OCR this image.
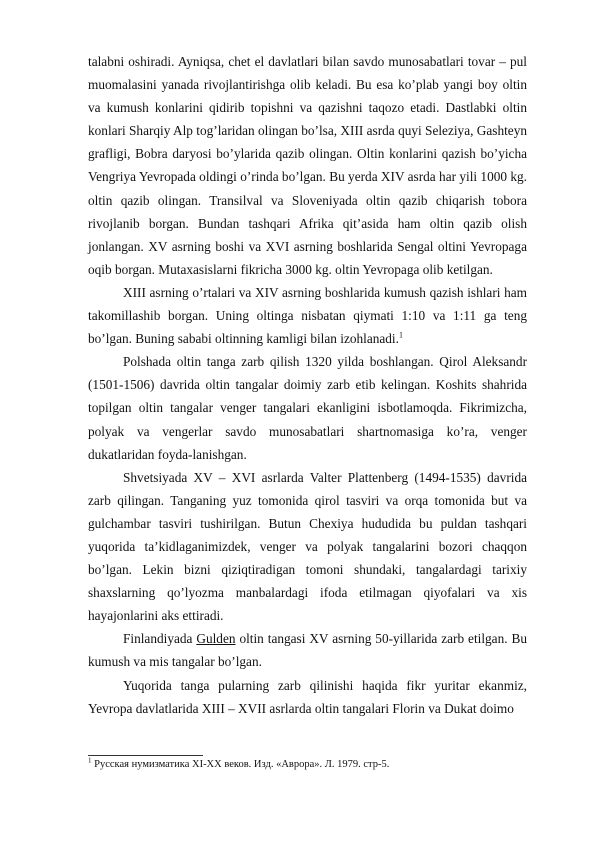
talabni oshiradi. Ayniqsa, chet el davlatlari bilan savdo munosabatlari tovar – pul muomalasini yanada rivojlantirishga olib keladi. Bu esa ko’plab yangi boy oltin va kumush konlarini qidirib topishni va qazishni taqozo etadi. Dastlabki oltin konlari Sharqiy Alp tog’laridan olingan bo’lsa, XIII asrda quyi Seleziya, Gashteyn grafligi, Bobra daryosi bo’ylarida qazib olingan. Oltin konlarini qazish bo’yicha Vengriya Yevropada oldingi o’rinda bo’lgan. Bu yerda XIV asrda har yili 1000 kg. oltin qazib olingan. Transilval va Sloveniyada oltin qazib chiqarish tobora rivojlanib borgan. Bundan tashqari Afrika qit’asida ham oltin qazib olish jonlangan. XV asrning boshi va XVI asrning boshlarida Sengal oltini Yevropaga oqib borgan. Mutaxasislarni fikricha 3000 kg. oltin Yevropaga olib ketilgan.

XIII asrning o’rtalari va XIV asrning boshlarida kumush qazish ishlari ham takomillashib borgan. Uning oltinga nisbatan qiymati 1:10 va 1:11 ga teng bo’lgan. Buning sababi oltinning kamligi bilan izohlanadi.$^1$

Polshada oltin tanga zarb qilish 1320 yilda boshlangan. Qirol Aleksandr (1501-1506) davrida oltin tangalar doimiy zarb etib kelingan. Koshits shahrida topilgan oltin tangalar venger tangalari ekanligini isbotlamoqda. Fikrimizcha, polyak va vengerlar savdo munosabatlari shartnomasiga ko’ra, venger dukatlaridan foyda-lanishgan.

Shvetsiyada XV – XVI asrlarda Valter Plattenberg (1494-1535) davrida zarb qilingan. Tanganing yuz tomonida qirol tasviri va orqa tomonida but va gulchambar tasviri tushirilgan. Butun Chexiya hududida bu puldan tashqari yuqorida ta’kidlaganimizdek, venger va polyak tangalarini bozori chaqqon bo’lgan. Lekin bizni qiziqtiradigan tomoni shundaki, tangalardagi tarixiy shaxslarning qo’lyozma manbalardagi ifoda etilmagan qiyofalari va xis hayajonlarini aks ettiradi.

Finlandiyada Gulden oltin tangasi XV asrning 50-yillarida zarb etilgan. Bu kumush va mis tangalar bo’lgan.

Yuqorida tanga pularning zarb qilinishi haqida fikr yuritar ekanmiz, Yevropa davlatlarida XIII – XVII asrlarda oltin tangalari Florin va Dukat doimo

$^1$ Русская нумизматика XI-XX веков. Изд. «Аврора». Л. 1979. стр-5.
